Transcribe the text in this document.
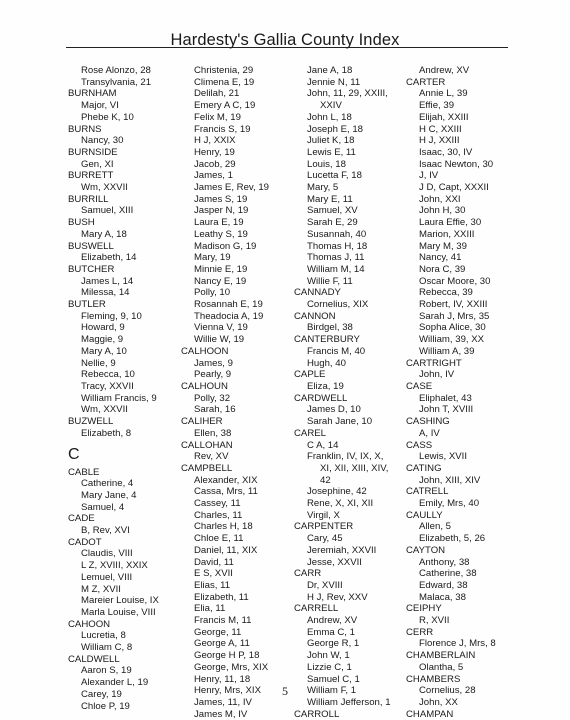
Hardesty's Gallia County Index
Rose Alonzo, 28
Transylvania, 21
BURNHAM
Major, VI
Phebe K, 10
BURNS
Nancy, 30
BURNSIDE
Gen, XI
BURRETT
Wm, XXVII
BURRILL
Samuel, XIII
BUSH
Mary A, 18
BUSWELL
Elizabeth, 14
BUTCHER
James L, 14
Milessa, 14
BUTLER
Fleming, 9, 10
Howard, 9
Maggie, 9
Mary A, 10
Nellie, 9
Rebecca, 10
Tracy, XXVII
William Francis, 9
Wm, XXVII
BUZWELL
Elizabeth, 8
C
CABLE
Catherine, 4
Mary Jane, 4
Samuel, 4
CADE
B, Rev, XVI
CADOT
Claudis, VIII
L Z, XVIII, XXIX
Lemuel, VIII
M Z, XVII
Mareier Louise, IX
Marla Louise, VIII
CAHOON
Lucretia, 8
William C, 8
CALDWELL
Aaron S, 19
Alexander L, 19
Carey, 19
Chloe P, 19
Christenia, 29
Climena E, 19
Delilah, 21
Emery A C, 19
Felix M, 19
Francis S, 19
H J, XXIX
Henry, 19
Jacob, 29
James, 1
James E, Rev, 19
James S, 19
Jasper N, 19
Laura E, 19
Leathy S, 19
Madison G, 19
Mary, 19
Minnie E, 19
Nancy E, 19
Polly, 10
Rosannah E, 19
Theadocia A, 19
Vienna V, 19
Willie W, 19
CALHOON
James, 9
Pearly, 9
CALHOUN
Polly, 32
Sarah, 16
CALIHER
Ellen, 38
CALLOHAN
Rev, XV
CAMPBELL
Alexander, XIX
Cassa, Mrs, 11
Cassey, 11
Charles, 11
Charles H, 18
Chloe E, 11
Daniel, 11, XIX
David, 11
E S, XVII
Elias, 11
Elizabeth, 11
Elia, 11
Francis M, 11
George, 11
George A, 11
George H P, 18
George, Mrs, XIX
Henry, 11, 18
Henry, Mrs, XIX
James, 11, IV
James M, IV
Jane A, 18
Jennie N, 11
John, 11, 29, XXIII,
XXIV
John L, 18
Joseph E, 18
Juliet K, 18
Lewis E, 11
Louis, 18
Lucetta F, 18
Mary, 5
Mary E, 11
Samuel, XV
Sarah E, 29
Susannah, 40
Thomas H, 18
Thomas J, 11
William M, 14
Willie F, 11
CANNADY
Cornelius, XIX
CANNON
Birdgel, 38
CANTERBURY
Francis M, 40
Hugh, 40
CAPLE
Eliza, 19
CARDWELL
James D, 10
Sarah Jane, 10
CAREL
C A, 14
Franklin, IV, IX, X,
XI, XII, XIII, XIV,
42
Josephine, 42
Rene, X, XI, XII
Virgil, X
CARPENTER
Cary, 45
Jeremiah, XXVII
Jesse, XXVII
CARR
Dr, XVIII
H J, Rev, XXV
CARRELL
Andrew, XV
Emma C, 1
George R, 1
John W, 1
Lizzie C, 1
Samuel C, 1
William F, 1
William Jefferson, 1
CARROLL
Andrew, XV
CARTER
Annie L, 39
Effie, 39
Elijah, XXIII
H C, XXIII
H J, XXIII
Isaac, 30, IV
Isaac Newton, 30
J, IV
J D, Capt, XXXII
John, XXI
John H, 30
Laura Effie, 30
Marion, XXIII
Mary M, 39
Nancy, 41
Nora C, 39
Oscar Moore, 30
Rebecca, 39
Robert, IV, XXIII
Sarah J, Mrs, 35
Sopha Alice, 30
William, 39, XX
William A, 39
CARTRIGHT
John, IV
CASE
Eliphalet, 43
John T, XVIII
CASHING
A, IV
CASS
Lewis, XVII
CATING
John, XIII, XIV
CATRELL
Emily, Mrs, 40
CAULLY
Allen, 5
Elizabeth, 5, 26
CAYTON
Anthony, 38
Catherine, 38
Edward, 38
Malaca, 38
CEIPHY
R, XVII
CERR
Florence J, Mrs, 8
CHAMBERLAIN
Olantha, 5
CHAMBERS
Cornelius, 28
John, XX
CHAMPAN
5
